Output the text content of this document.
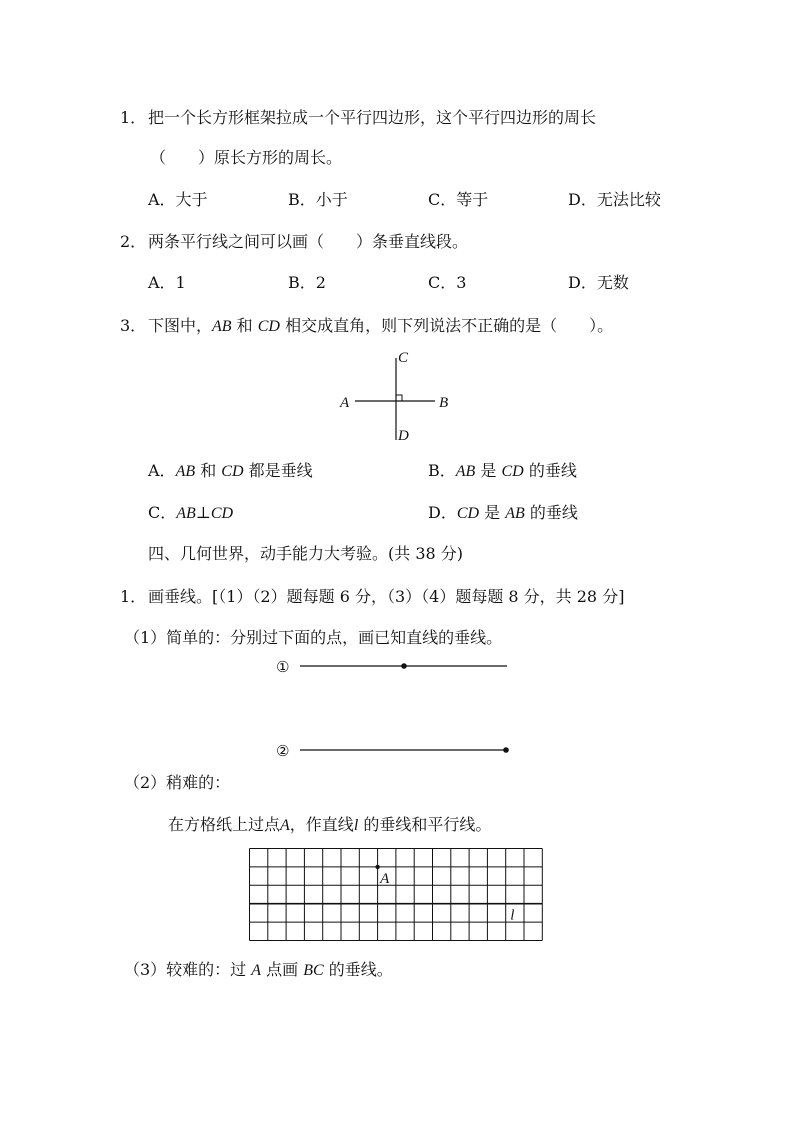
1． 把一个长方形框架拉成一个平行四边形，这个平行四边形的周长
（　　）原长方形的周长。
A．大于	B．小于	C．等于	D．无法比较
2． 两条平行线之间可以画（　　）条垂直线段。
A．1	B．2	C．3	D．无数
3． 下图中，AB 和 CD 相交成直角，则下列说法不正确的是（　　）。
A	B
C
D
A．AB 和 CD 都是垂线	B．AB 是 CD 的垂线
C．AB⊥CD	D．CD 是 AB 的垂线
四、几何世界，动手能力大考验。(共 38 分)
1． 画垂线。[（1）（2）题每题 6 分，（3）（4）题每题 8 分，共 28 分]
（1）简单的：分别过下面的点，画已知直线的垂线。
①
②
（2）稍难的：
在方格纸上过点A，作直线l 的垂线和平行线。
A
l
（3）较难的：过 A 点画 BC 的垂线。
